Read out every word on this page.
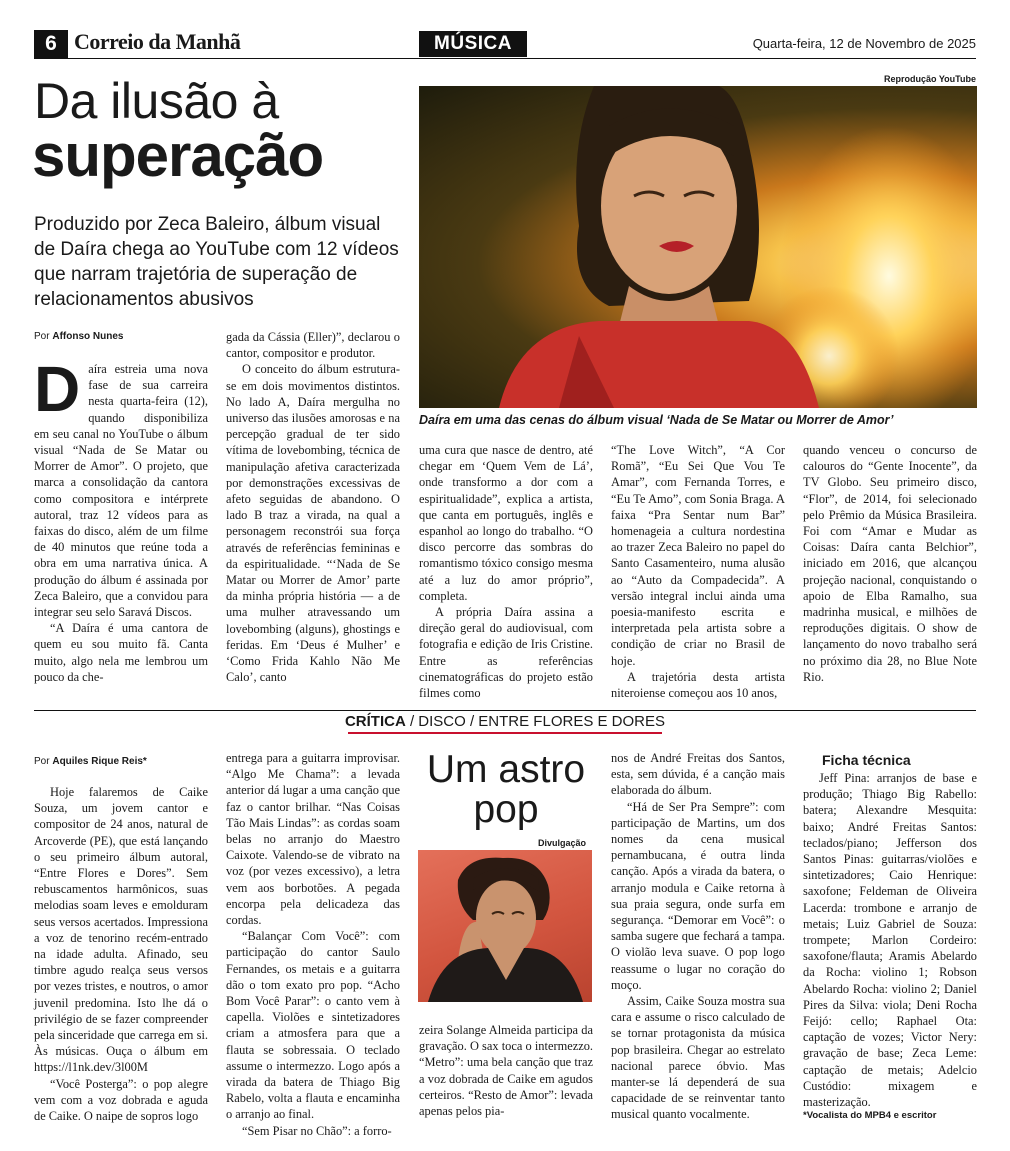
6 Correio da Manhã	MÚSICA	Quarta-feira, 12 de Novembro de 2025
Da ilusão à
superação
Produzido por Zeca Baleiro, álbum visual de Daíra chega ao YouTube com 12 vídeos que narram trajetória de superação de relacionamentos abusivos
Por Affonso Nunes
Reprodução YouTube
Daíra em uma das cenas do álbum visual ‘Nada de Se Matar ou Morrer de Amor’
D aíra estreia uma nova fase de sua carreira nesta quarta-feira (12), quando disponibiliza em seu canal no YouTube o álbum visual “Nada de Se Matar ou Morrer de Amor”. O projeto, que marca a consolidação da cantora como compositora e intérprete autoral, traz 12 vídeos para as faixas do disco, além de um filme de 40 minutos que reúne toda a obra em uma narrativa única. A produção do álbum é assinada por Zeca Baleiro, que a convidou para integrar seu selo Saravá Discos.

“A Daíra é uma cantora de quem eu sou muito fã. Canta muito, algo nela me lembrou um pouco da che-

gada da Cássia (Eller)”, declarou o cantor, compositor e produtor.

O conceito do álbum estrutura-se em dois movimentos distintos. No lado A, Daíra mergulha no universo das ilusões amorosas e na percepção gradual de ter sido vítima de lovebombing, técnica de manipulação afetiva caracterizada por demonstrações excessivas de afeto seguidas de abandono. O lado B traz a virada, na qual a personagem reconstrói sua força através de referências femininas e da espiritualidade. “‘Nada de Se Matar ou Morrer de Amor’ parte da minha própria história — a de uma mulher atravessando um lovebombing (alguns), ghostings e feridas. Em ‘Deus é Mulher’ e ‘Como Frida Kahlo Não Me Calo’, canto

uma cura que nasce de dentro, até chegar em ‘Quem Vem de Lá’, onde transformo a dor com a espiritualidade”, explica a artista, que canta em português, inglês e espanhol ao longo do trabalho. “O disco percorre das sombras do romantismo tóxico consigo mesma até a luz do amor próprio”, completa.

A própria Daíra assina a direção geral do audiovisual, com fotografia e edição de Iris Cristine. Entre as referências cinematográficas do projeto estão filmes como

“The Love Witch”, “A Cor Romã”, “Eu Sei Que Vou Te Amar”, com Fernanda Torres, e “Eu Te Amo”, com Sonia Braga. A faixa “Pra Sentar num Bar” homenageia a cultura nordestina ao trazer Zeca Baleiro no papel do Santo Casamenteiro, numa alusão ao “Auto da Compadecida”. A versão integral inclui ainda uma poesia-manifesto escrita e interpretada pela artista sobre a condição de criar no Brasil de hoje.

A trajetória desta artista niteroiense começou aos 10 anos,

quando venceu o concurso de calouros do “Gente Inocente”, da TV Globo. Seu primeiro disco, “Flor”, de 2014, foi selecionado pelo Prêmio da Música Brasileira. Foi com “Amar e Mudar as Coisas: Daíra canta Belchior”, iniciado em 2016, que alcançou projeção nacional, conquistando o apoio de Elba Ramalho, sua madrinha musical, e milhões de reproduções digitais. O show de lançamento do novo trabalho será no próximo dia 28, no Blue Note Rio.

CRÍTICA / DISCO / ENTRE FLORES E DORES
Por Aquiles Rique Reis*

Hoje falaremos de Caike Souza, um jovem cantor e compositor de 24 anos, natural de Arcoverde (PE), que está lançando o seu primeiro álbum autoral, “Entre Flores e Dores”. Sem rebuscamentos harmônicos, suas melodias soam leves e emolduram seus versos acertados. Impressiona a voz de tenorino recém-entrado na idade adulta. Afinado, seu timbre agudo realça seus versos por vezes tristes, e noutros, o amor juvenil predomina. Isto lhe dá o privilégio de se fazer compreender pela sinceridade que carrega em si. Às músicas. Ouça o álbum em https://l1nk.dev/3l00M

“Você Posterga”: o pop alegre vem com a voz dobrada e aguda de Caike. O naipe de sopros logo

entrega para a guitarra improvisar. “Algo Me Chama”: a levada anterior dá lugar a uma canção que faz o cantor brilhar. “Nas Coisas Tão Mais Lindas”: as cordas soam belas no arranjo do Maestro Caixote. Valendo-se de vibrato na voz (por vezes excessivo), a letra vem aos borbotões. A pegada encorpa pela delicadeza das cordas.

“Balançar Com Você”: com participação do cantor Saulo Fernandes, os metais e a guitarra dão o tom exato pro pop. “Acho Bom Você Parar”: o canto vem à capella. Violões e sintetizadores criam a atmosfera para que a flauta se sobressaia. O teclado assume o intermezzo. Logo após a virada da batera de Thiago Big Rabelo, volta a flauta e encaminha o arranjo ao final.

“Sem Pisar no Chão”: a forro-

Um astro pop
Divulgação

zeira Solange Almeida participa da gravação. O sax toca o intermezzo. “Metro”: uma bela canção que traz a voz dobrada de Caike em agudos certeiros. “Resto de Amor”: levada apenas pelos pia-

nos de André Freitas dos Santos, esta, sem dúvida, é a canção mais elaborada do álbum.

“Há de Ser Pra Sempre”: com participação de Martins, um dos nomes da cena musical pernambucana, é outra linda canção. Após a virada da batera, o arranjo modula e Caike retorna à sua praia segura, onde surfa em segurança. “Demorar em Você”: o samba sugere que fechará a tampa. O violão leva suave. O pop logo reassume o lugar no coração do moço.

Assim, Caike Souza mostra sua cara e assume o risco calculado de se tornar protagonista da música pop brasileira. Chegar ao estrelato nacional parece óbvio. Mas manter-se lá dependerá de sua capacidade de se reinventar tanto musical quanto vocalmente.

Ficha técnica

Jeff Pina: arranjos de base e produção; Thiago Big Rabello: batera; Alexandre Mesquita: baixo; André Freitas Santos: teclados/piano; Jefferson dos Santos Pinas: guitarras/violões e sintetizadores; Caio Henrique: saxofone; Feldeman de Oliveira Lacerda: trombone e arranjo de metais; Luiz Gabriel de Souza: trompete; Marlon Cordeiro: saxofone/flauta; Aramis Abelardo da Rocha: violino 1; Robson Abelardo Rocha: violino 2; Daniel Pires da Silva: viola; Deni Rocha Feijó: cello; Raphael Ota: captação de vozes; Victor Nery: gravação de base; Zeca Leme: captação de metais; Adelcio Custódio: mixagem e masterização.

*Vocalista do MPB4 e escritor
